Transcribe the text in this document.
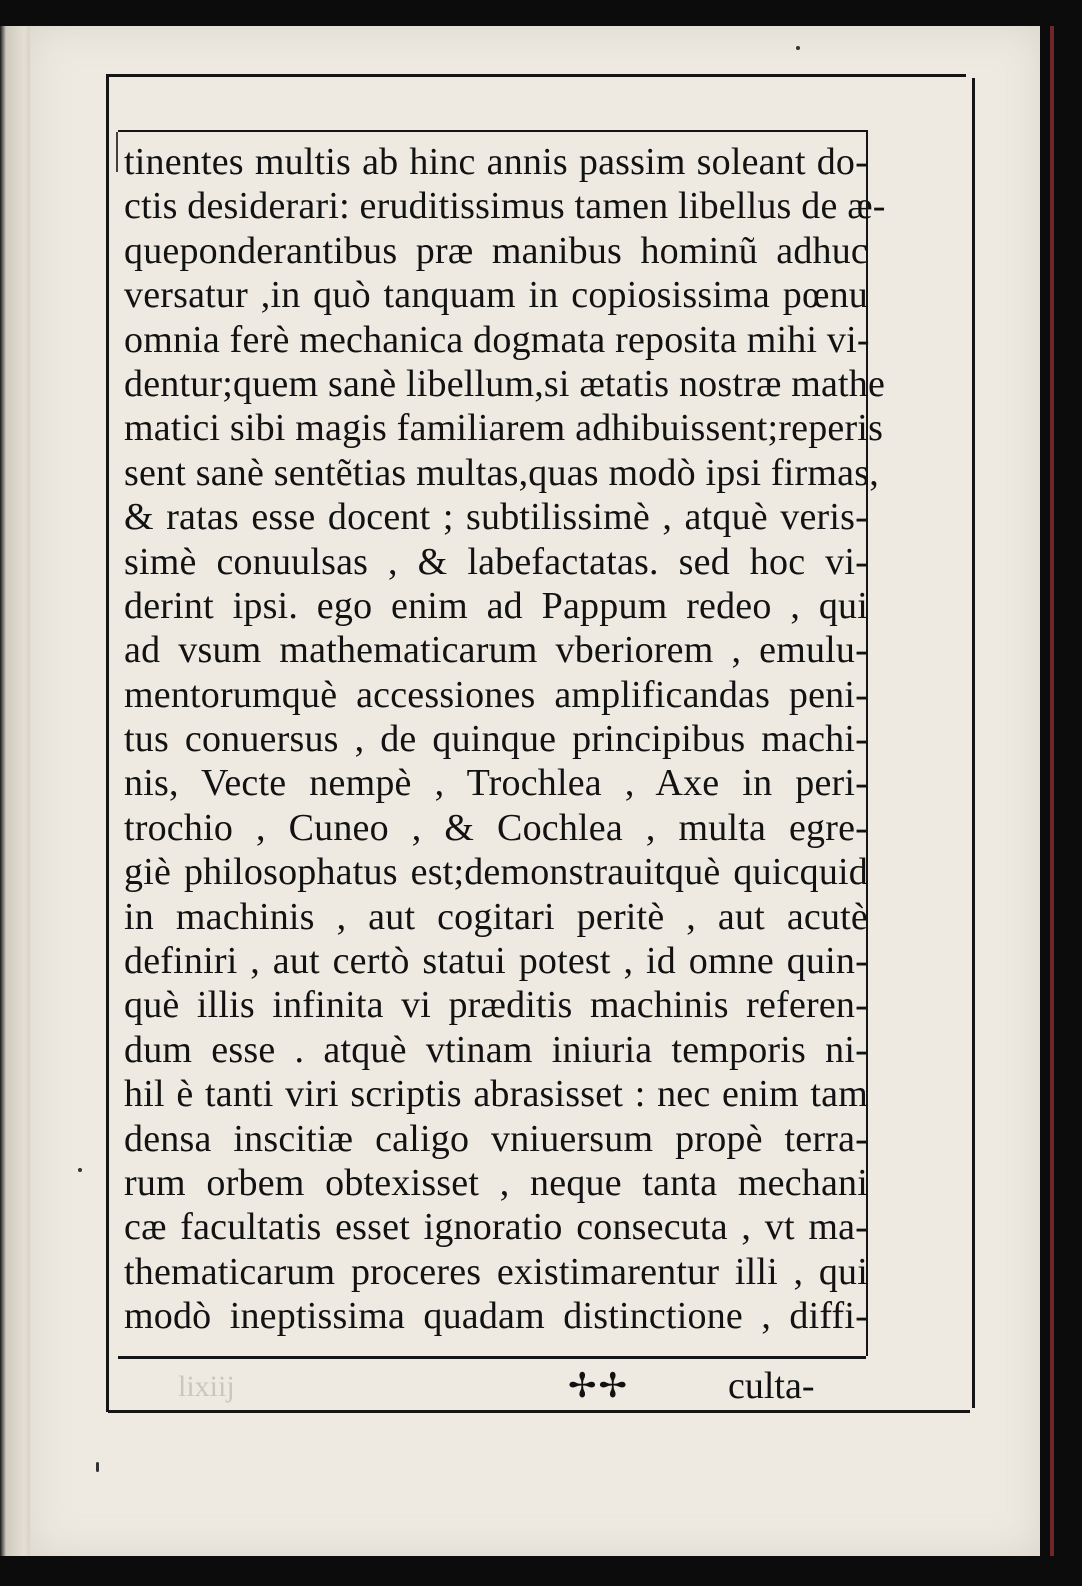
tinentes multis ab hinc annis passim soleant do-
ctis desiderari: eruditissimus tamen libellus de æ-
queponderantibus præ manibus hominũ adhuc
versatur ,in quò tanquam in copiosissima pœnu
omnia ferè mechanica dogmata reposita mihi vi-
dentur;quem sanè libellum,si ætatis nostræ mathe
matici sibi magis familiarem adhibuissent;reperis
sent sanè sentẽtias multas,quas modò ipsi firmas,
& ratas esse docent ; subtilissimè , atquè veris-
simè conuulsas , & labefactatas. sed hoc vi-
derint ipsi. ego enim ad Pappum redeo , qui
ad vsum mathematicarum vberiorem , emulu-
mentorumquè accessiones amplificandas peni-
tus conuersus , de quinque principibus machi-
nis, Vecte nempè , Trochlea , Axe in peri-
trochio , Cuneo , & Cochlea , multa egre-
giè philosophatus est;demonstrauitquè quicquid
in machinis , aut cogitari peritè , aut acutè
definiri , aut certò statui potest , id omne quin-
què illis infinita vi præditis machinis referen-
dum esse . atquè vtinam iniuria temporis ni-
hil è tanti viri scriptis abrasisset : nec enim tam
densa inscitiæ caligo vniuersum propè terra-
rum orbem obtexisset , neque tanta mechani
cæ facultatis esset ignoratio consecuta , vt ma-
thematicarum proceres existimarentur illi , qui
modò ineptissima quadam distinctione , diffi-
lixiij	✢✢	culta-
